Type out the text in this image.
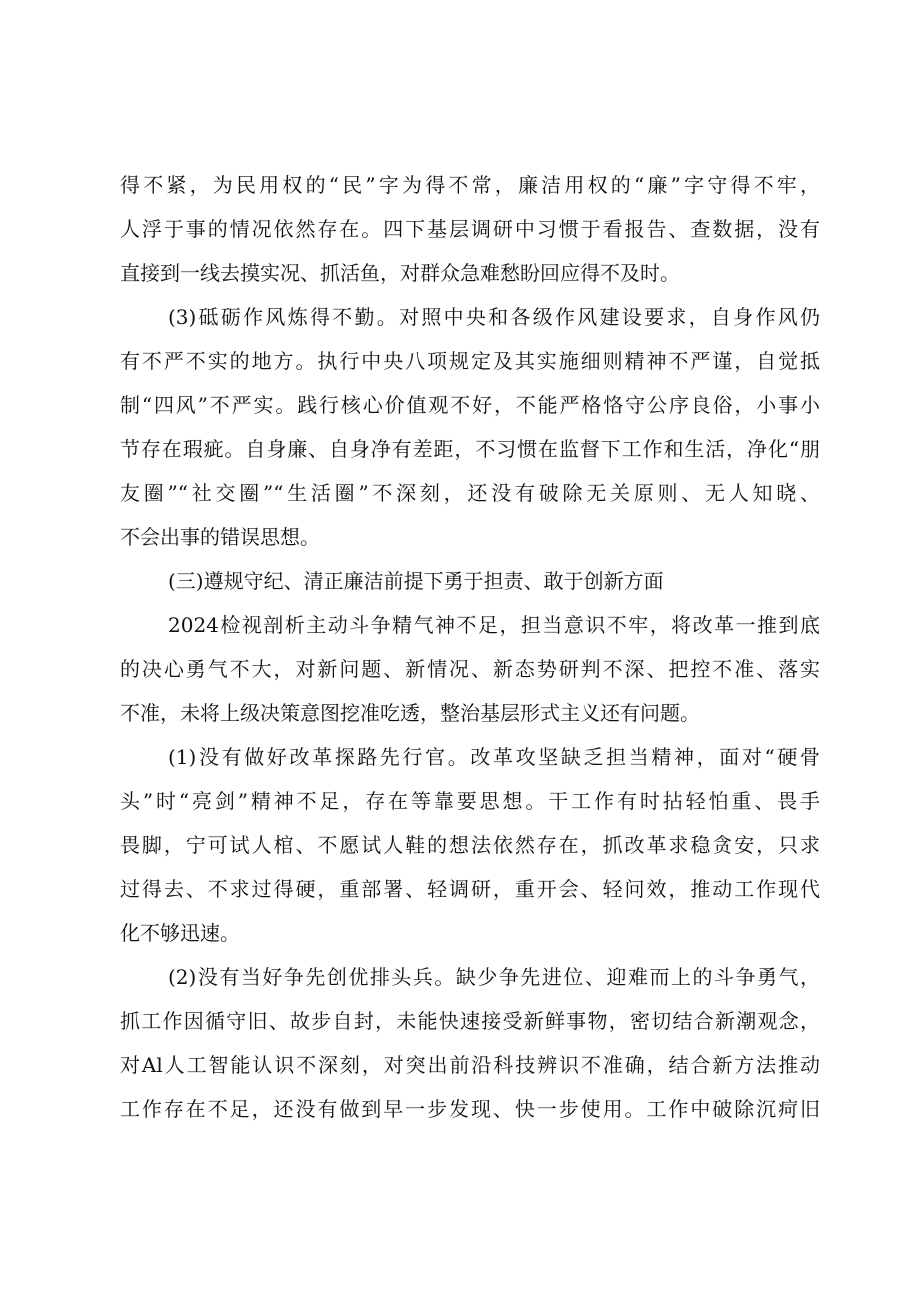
得不紧，为民用权的“民”字为得不常，廉洁用权的“廉”字守得不牢，
人浮于事的情况依然存在。四下基层调研中习惯于看报告、查数据，没有
直接到一线去摸实况、抓活鱼，对群众急难愁盼回应得不及时。
(3)砥砺作风炼得不勤。对照中央和各级作风建设要求，自身作风仍
有不严不实的地方。执行中央八项规定及其实施细则精神不严谨，自觉抵
制“四风”不严实。践行核心价值观不好，不能严格恪守公序良俗，小事小
节存在瑕疵。自身廉、自身净有差距，不习惯在监督下工作和生活，净化“朋
友圈”“社交圈”“生活圈”不深刻，还没有破除无关原则、无人知晓、
不会出事的错误思想。
(三)遵规守纪、清正廉洁前提下勇于担责、敢于创新方面
2024检视剖析主动斗争精气神不足，担当意识不牢，将改革一推到底
的决心勇气不大，对新问题、新情况、新态势研判不深、把控不准、落实
不准，未将上级决策意图挖准吃透，整治基层形式主义还有问题。
(1)没有做好改革探路先行官。改革攻坚缺乏担当精神，面对“硬骨
头”时“亮剑”精神不足，存在等靠要思想。干工作有时拈轻怕重、畏手
畏脚，宁可试人棺、不愿试人鞋的想法依然存在，抓改革求稳贪安，只求
过得去、不求过得硬，重部署、轻调研，重开会、轻问效，推动工作现代
化不够迅速。
(2)没有当好争先创优排头兵。缺少争先进位、迎难而上的斗争勇气，
抓工作因循守旧、故步自封，未能快速接受新鲜事物，密切结合新潮观念，
对Al人工智能认识不深刻，对突出前沿科技辨识不准确，结合新方法推动
工作存在不足，还没有做到早一步发现、快一步使用。工作中破除沉疴旧
